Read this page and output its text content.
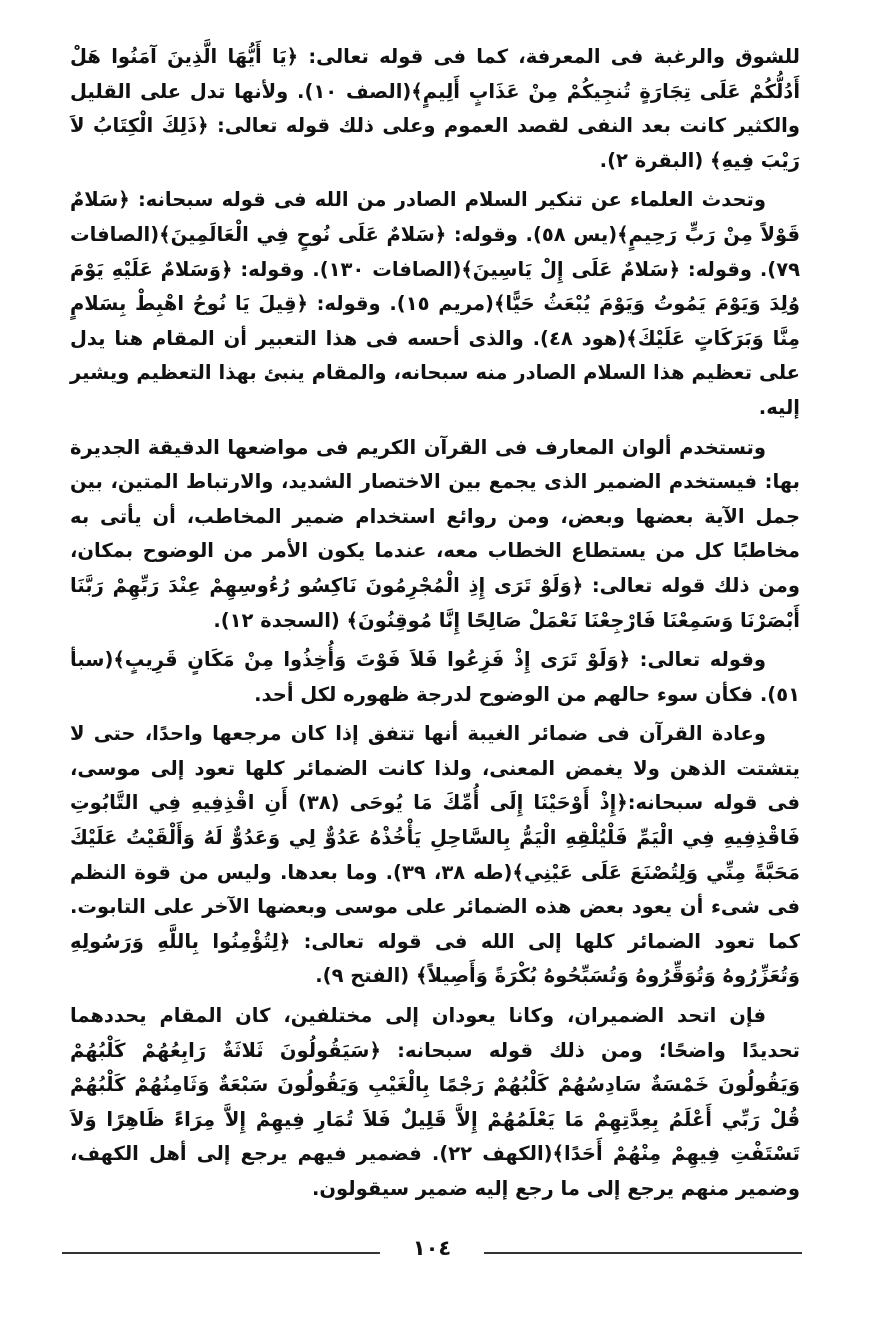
للشوق والرغبة فى المعرفة، كما فى قوله تعالى: ﴿يَا أَيُّهَا الَّذِينَ آمَنُوا هَلْ أَدُلُّكُمْ عَلَى تِجَارَةٍ تُنجِيكُمْ مِنْ عَذَابٍ أَلِيمٍ﴾(الصف ١٠). ولأنها تدل على القليل والكثير كانت بعد النفى لقصد العموم وعلى ذلك قوله تعالى: ﴿ذَلِكَ الْكِتَابُ لاَ رَيْبَ فِيهِ﴾ (البقرة ٢).

وتحدث العلماء عن تنكير السلام الصادر من الله فى قوله سبحانه: ﴿سَلامٌ قَوْلاً مِنْ رَبٍّ رَحِيمٍ﴾(يس ٥٨). وقوله: ﴿سَلامٌ عَلَى نُوحٍ فِي الْعَالَمِينَ﴾(الصافات ٧٩). وقوله: ﴿سَلامٌ عَلَى إِلْ يَاسِينَ﴾(الصافات ١٣٠). وقوله: ﴿وَسَلامٌ عَلَيْهِ يَوْمَ وُلِدَ وَيَوْمَ يَمُوتُ وَيَوْمَ يُبْعَثُ حَيًّا﴾(مريم ١٥). وقوله: ﴿قِيلَ يَا نُوحُ اهْبِطْ بِسَلامٍ مِنَّا وَبَرَكَاتٍ عَلَيْكَ﴾(هود ٤٨). والذى أحسه فى هذا التعبير أن المقام هنا يدل على تعظيم هذا السلام الصادر منه سبحانه، والمقام ينبئ بهذا التعظيم ويشير إليه.

وتستخدم ألوان المعارف فى القرآن الكريم فى مواضعها الدقيقة الجديرة بها: فيستخدم الضمير الذى يجمع بين الاختصار الشديد، والارتباط المتين، بين جمل الآية بعضها وبعض، ومن روائع استخدام ضمير المخاطب، أن يأتى به مخاطبًا كل من يستطاع الخطاب معه، عندما يكون الأمر من الوضوح بمكان، ومن ذلك قوله تعالى: ﴿وَلَوْ تَرَى إِذِ الْمُجْرِمُونَ نَاكِسُو رُءُوسِهِمْ عِنْدَ رَبِّهِمْ رَبَّنَا أَبْصَرْنَا وَسَمِعْنَا فَارْجِعْنَا نَعْمَلْ صَالِحًا إِنَّا مُوقِنُونَ﴾ (السجدة ١٢).

وقوله تعالى: ﴿وَلَوْ تَرَى إِذْ فَزِعُوا فَلاَ فَوْتَ وَأُخِذُوا مِنْ مَكَانٍ قَرِيبٍ﴾(سبأ ٥١). فكأن سوء حالهم من الوضوح لدرجة ظهوره لكل أحد.

وعادة القرآن فى ضمائر الغيبة أنها تتفق إذا كان مرجعها واحدًا، حتى لا يتشتت الذهن ولا يغمض المعنى، ولذا كانت الضمائر كلها تعود إلى موسى، فى قوله سبحانه:﴿إِذْ أَوْحَيْنَا إِلَى أُمِّكَ مَا يُوحَى (٣٨) أَنِ اقْذِفِيهِ فِي التَّابُوتِ فَاقْذِفِيهِ فِي الْيَمِّ فَلْيُلْقِهِ الْيَمُّ بِالسَّاحِلِ يَأْخُذْهُ عَدُوٌّ لِي وَعَدُوٌّ لَهُ وَأَلْقَيْتُ عَلَيْكَ مَحَبَّةً مِنِّي وَلِتُصْنَعَ عَلَى عَيْنِي﴾(طه ٣٨، ٣٩). وما بعدها. وليس من قوة النظم فى شىء أن يعود بعض هذه الضمائر على موسى وبعضها الآخر على التابوت. كما تعود الضمائر كلها إلى الله فى قوله تعالى: ﴿لِتُؤْمِنُوا بِاللَّهِ وَرَسُولِهِ وَتُعَزِّرُوهُ وَتُوَقِّرُوهُ وَتُسَبِّحُوهُ بُكْرَةً وَأَصِيلاً﴾ (الفتح ٩).

فإن اتحد الضميران، وكانا يعودان إلى مختلفين، كان المقام يحددهما تحديدًا واضحًا؛ ومن ذلك قوله سبحانه: ﴿سَيَقُولُونَ ثَلاثَةٌ رَابِعُهُمْ كَلْبُهُمْ وَيَقُولُونَ خَمْسَةٌ سَادِسُهُمْ كَلْبُهُمْ رَجْمًا بِالْغَيْبِ وَيَقُولُونَ سَبْعَةٌ وَثَامِنُهُمْ كَلْبُهُمْ قُلْ رَبِّي أَعْلَمُ بِعِدَّتِهِمْ مَا يَعْلَمُهُمْ إِلاَّ قَلِيلٌ فَلاَ تُمَارِ فِيهِمْ إِلاَّ مِرَاءً ظَاهِرًا وَلاَ تَسْتَفْتِ فِيهِمْ مِنْهُمْ أَحَدًا﴾(الكهف ٢٢). فضمير فيهم يرجع إلى أهل الكهف، وضمير منهم يرجع إلى ما رجع إليه ضمير سيقولون.

١٠٤
